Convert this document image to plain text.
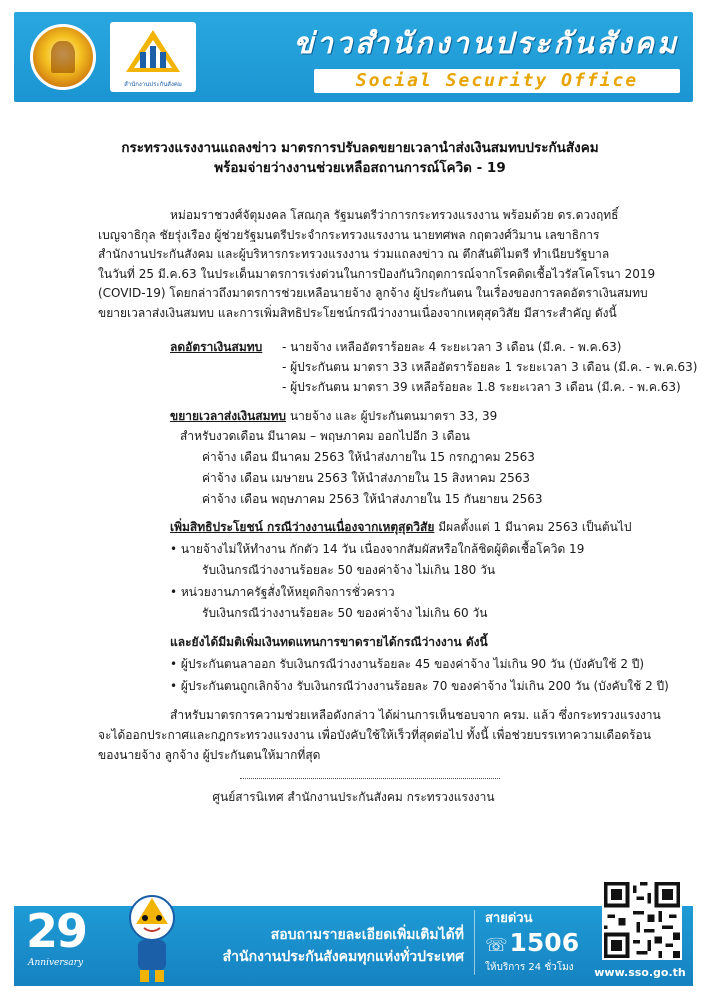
สำนักงานประกันสังคม
ข่าวสำนักงานประกันสังคม
Social Security Office
กระทรวงแรงงานแถลงข่าว มาตรการปรับลดขยายเวลานำส่งเงินสมทบประกันสังคม
พร้อมจ่ายว่างงานช่วยเหลือสถานการณ์โควิด - 19
หม่อมราชวงศ์จัตุมงคล โสณกุล รัฐมนตรีว่าการกระทรวงแรงงาน พร้อมด้วย ดร.ดวงฤทธิ์
เบญจาธิกุล ชัยรุ่งเรือง ผู้ช่วยรัฐมนตรีประจำกระทรวงแรงงาน นายทศพล กฤตวงศ์วิมาน เลขาธิการ
สำนักงานประกันสังคม และผู้บริหารกระทรวงแรงงาน ร่วมแถลงข่าว ณ ตึกสันติไมตรี ทำเนียบรัฐบาล
ในวันที่ 25 มี.ค.63 ในประเด็นมาตรการเร่งด่วนในการป้องกันวิกฤตการณ์จากโรคติดเชื้อไวรัสโคโรนา 2019
(COVID-19) โดยกล่าวถึงมาตรการช่วยเหลือนายจ้าง ลูกจ้าง ผู้ประกันตน ในเรื่องของการลดอัตราเงินสมทบ
ขยายเวลาส่งเงินสมทบ และการเพิ่มสิทธิประโยชน์กรณีว่างงานเนื่องจากเหตุสุดวิสัย มีสาระสำคัญ ดังนี้
ลดอัตราเงินสมทบ - นายจ้าง เหลืออัตราร้อยละ 4 ระยะเวลา 3 เดือน (มี.ค. - พ.ค.63)
- ผู้ประกันตน มาตรา 33 เหลืออัตราร้อยละ 1 ระยะเวลา 3 เดือน (มี.ค. - พ.ค.63)
- ผู้ประกันตน มาตรา 39 เหลือร้อยละ 1.8 ระยะเวลา 3 เดือน (มี.ค. - พ.ค.63)
ขยายเวลาส่งเงินสมทบ นายจ้าง และ ผู้ประกันตนมาตรา 33, 39
สำหรับงวดเดือน มีนาคม – พฤษภาคม ออกไปอีก 3 เดือน
ค่าจ้าง เดือน มีนาคม 2563 ให้นำส่งภายใน 15 กรกฎาคม 2563
ค่าจ้าง เดือน เมษายน 2563 ให้นำส่งภายใน 15 สิงหาคม 2563
ค่าจ้าง เดือน พฤษภาคม 2563 ให้นำส่งภายใน 15 กันยายน 2563
เพิ่มสิทธิประโยชน์ กรณีว่างงานเนื่องจากเหตุสุดวิสัย มีผลตั้งแต่ 1 มีนาคม 2563 เป็นต้นไป
• นายจ้างไม่ให้ทำงาน กักตัว 14 วัน เนื่องจากสัมผัสหรือใกล้ชิดผู้ติดเชื้อโควิด 19
รับเงินกรณีว่างงานร้อยละ 50 ของค่าจ้าง ไม่เกิน 180 วัน
• หน่วยงานภาครัฐสั่งให้หยุดกิจการชั่วคราว
รับเงินกรณีว่างงานร้อยละ 50 ของค่าจ้าง ไม่เกิน 60 วัน
และยังได้มีมติเพิ่มเงินทดแทนการขาดรายได้กรณีว่างงาน ดังนี้
• ผู้ประกันตนลาออก รับเงินกรณีว่างงานร้อยละ 45 ของค่าจ้าง ไม่เกิน 90 วัน (บังคับใช้ 2 ปี)
• ผู้ประกันตนถูกเลิกจ้าง รับเงินกรณีว่างงานร้อยละ 70 ของค่าจ้าง ไม่เกิน 200 วัน (บังคับใช้ 2 ปี)
สำหรับมาตรการความช่วยเหลือดังกล่าว ได้ผ่านการเห็นชอบจาก ครม. แล้ว ซึ่งกระทรวงแรงงาน
จะได้ออกประกาศและกฎกระทรวงแรงงาน เพื่อบังคับใช้ให้เร็วที่สุดต่อไป ทั้งนี้ เพื่อช่วยบรรเทาความเดือดร้อน
ของนายจ้าง ลูกจ้าง ผู้ประกันตนให้มากที่สุด
ศูนย์สารนิเทศ สำนักงานประกันสังคม กระทรวงแรงงาน
29
Anniversary
สอบถามรายละเอียดเพิ่มเติมได้ที่
สำนักงานประกันสังคมทุกแห่งทั่วประเทศ
สายด่วน
☏1506
ให้บริการ 24 ชั่วโมง	www.sso.go.th
